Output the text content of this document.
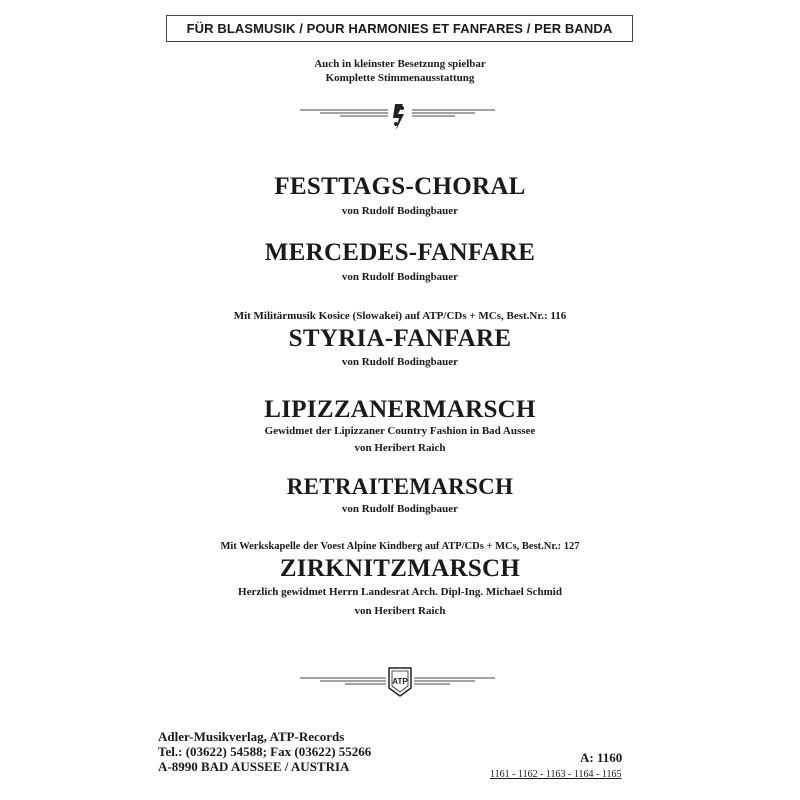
FÜR BLASMUSIK / POUR HARMONIES ET FANFARES / PER BANDA
Auch in kleinster Besetzung spielbar
Komplette Stimmenausstattung
FESTTAGS-CHORAL
von Rudolf Bodingbauer
MERCEDES-FANFARE
von Rudolf Bodingbauer
Mit Militärmusik Kosice (Slowakei) auf ATP/CDs + MCs, Best.Nr.: 116
STYRIA-FANFARE
von Rudolf Bodingbauer
LIPIZZANERMARSCH
Gewidmet der Lipizzaner Country Fashion in Bad Aussee
von Heribert Raich
RETRAITEMARSCH
von Rudolf Bodingbauer
Mit Werkskapelle der Voest Alpine Kindberg auf ATP/CDs + MCs, Best.Nr.: 127
ZIRKNITZMARSCH
Herzlich gewidmet Herrn Landesrat Arch. Dipl-Ing. Michael Schmid
von Heribert Raich
ATP
Adler-Musikverlag, ATP-Records
Tel.: (03622) 54588; Fax (03622) 55266
A-8990 BAD AUSSEE / AUSTRIA
A: 1160
1161 - 1162 - 1163 - 1164 - 1165
